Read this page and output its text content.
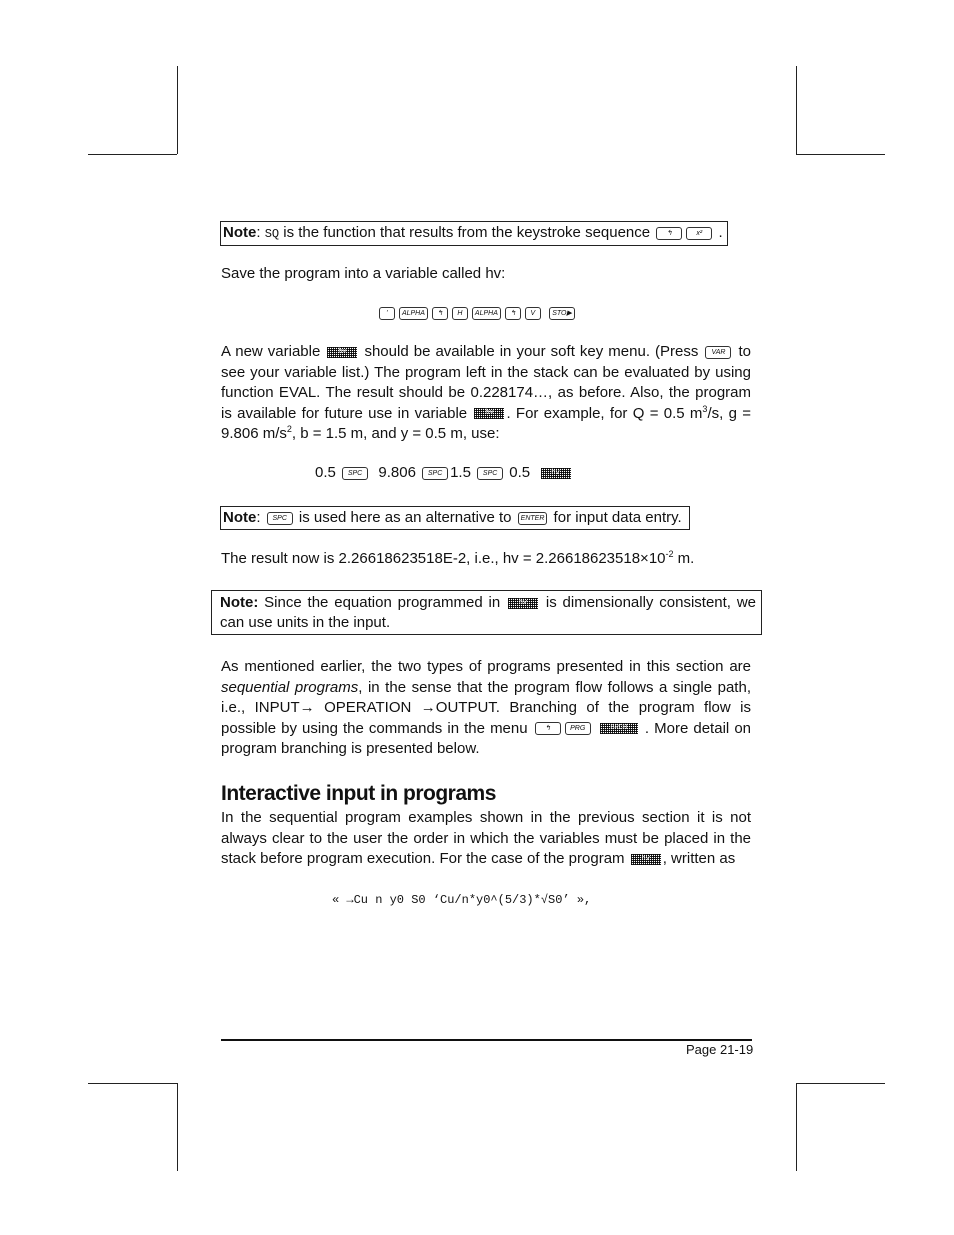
Note: SQ is the function that results from the keystroke sequence ↰	x² .

Save the program into a variable called hv:

’ ALPHA ↰ H ALPHA ↰ V STO▶

A new variable	hv	should be available in your soft key menu. (Press VAR to see your variable list.) The program left in the stack can be evaluated by using function EVAL. The result should be 0.228174…, as before. Also, the program is available for future use in variable	hv . For example, for Q = 0.5 $m^3/s$, g = 9.806 $m/s^2$, b = 1.5 m, and y = 0.5 m, use:

0.5 SPC 9.806 SPC 1.5 SPC 0.5	hv
Note: SPC is used here as an alternative to ENTER for input data entry.

The result now is 2.26618623518E-2, i.e., hv = $2.26618623518\times 10^{-2}$ m.

Note: Since the equation programmed in	hv is dimensionally consistent, we can use units in the input.

As mentioned earlier, the two types of programs presented in this section are sequential programs, in the sense that the program flow follows a single path, i.e., INPUT→ OPERATION →OUTPUT. Branching of the program flow is possible by using the commands in the menu ↰	PRG	BRCH . More detail on program branching is presented below.

Interactive input in programs

In the sequential program examples shown in the previous section it is not always clear to the user the order in which the variables must be placed in the stack before program execution. For the case of the program	hv , written as

« →Cu n y0 S0 ‘Cu/n*y0^(5/3)*√S0’ »,
Page 21-19
